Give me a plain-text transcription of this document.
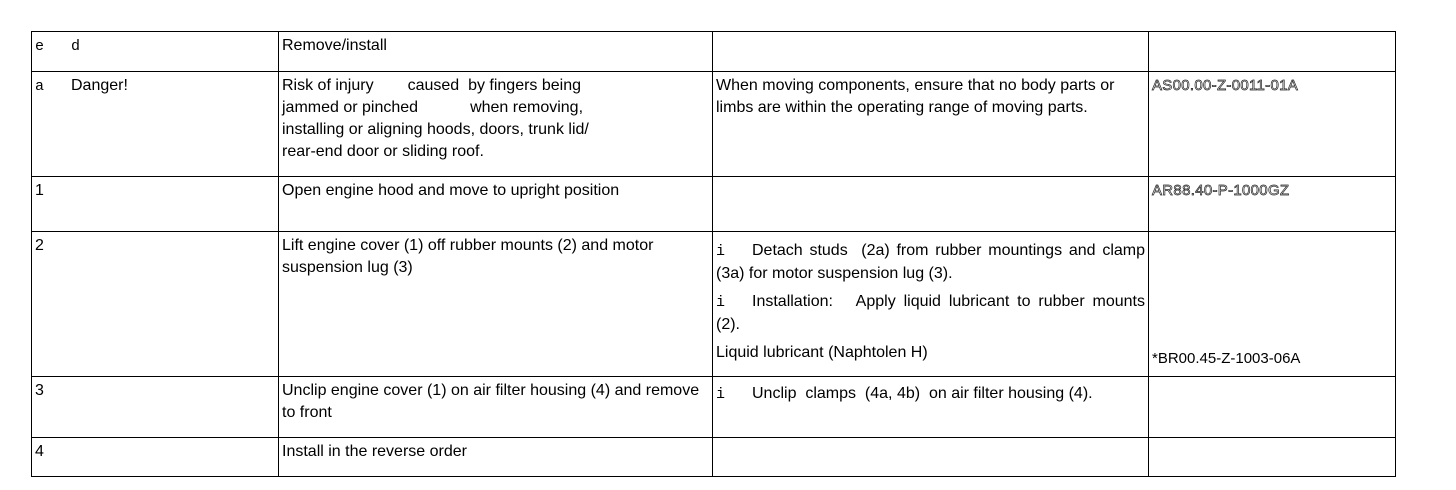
e d	Remove/install		
a Danger!	Risk of injury caused  by fingers being
jammed or pinched when removing,
installing or aligning hoods, doors, trunk lid/
rear-end door or sliding roof.	When moving components, ensure that no body parts or limbs are within the operating range of moving parts.	AS00.00-Z-0011-01A
1	Open engine hood and move to upright position		AR88.40-P-1000GZ
2	Lift engine cover (1) off rubber mounts (2) and motor suspension lug (3)	i Detach studs  (2a) from rubber mountings and clamp (3a) for motor suspension lug (3).
i Installation:   Apply liquid lubricant to rubber mounts (2).
Liquid lubricant (Naphtolen H)	*BR00.45-Z-1003-06A

3	Unclip engine cover (1) on air filter housing (4) and remove to front	i Unclip  clamps  (4a, 4b)  on air filter housing (4).	

4	Install in the reverse order		
